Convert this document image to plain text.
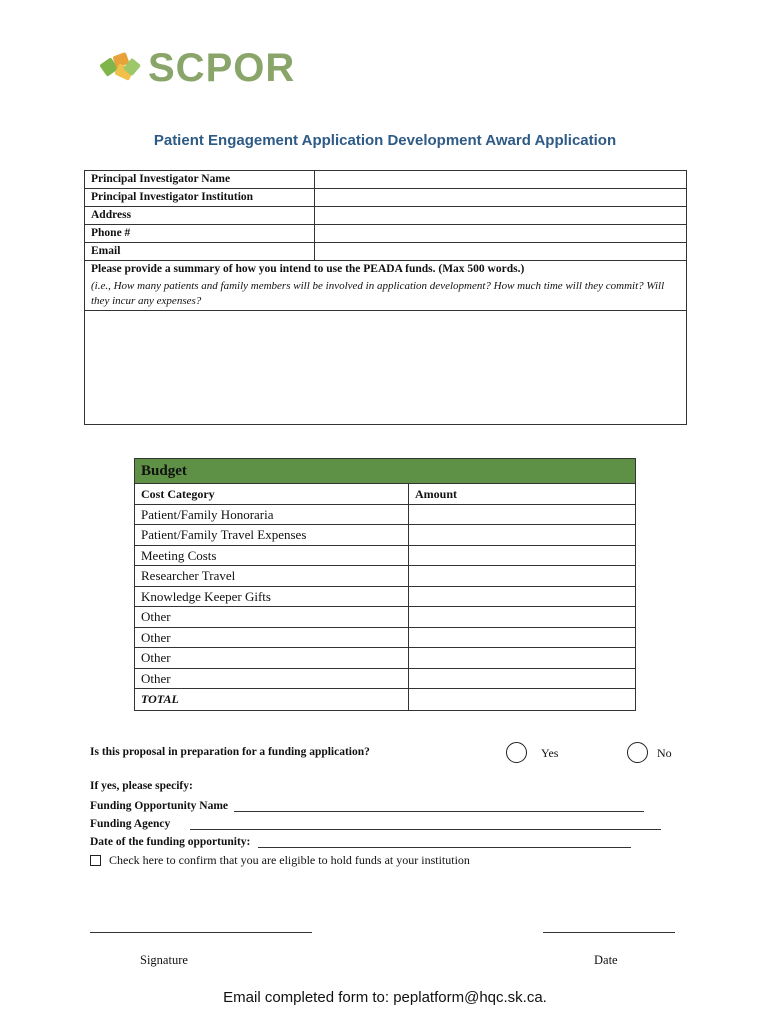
SCPOR
Patient Engagement Application Development Award Application
Principal Investigator Name
Principal Investigator Institution
Address
Phone #
Email
Please provide a summary of how you intend to use the PEADA funds. (Max 500 words.)
(i.e., How many patients and family members will be involved in application development? How much time will they commit? Will they incur any expenses?
Budget
Cost Category	Amount
Patient/Family Honoraria
Patient/Family Travel Expenses
Meeting Costs
Researcher Travel
Knowledge Keeper Gifts
Other
Other
Other
Other
TOTAL
Is this proposal in preparation for a funding application?	Yes	No
If yes, please specify:
Funding Opportunity Name
Funding Agency
Date of the funding opportunity:
Check here to confirm that you are eligible to hold funds at your institution
Signature	Date
Email completed form to: peplatform@hqc.sk.ca.
